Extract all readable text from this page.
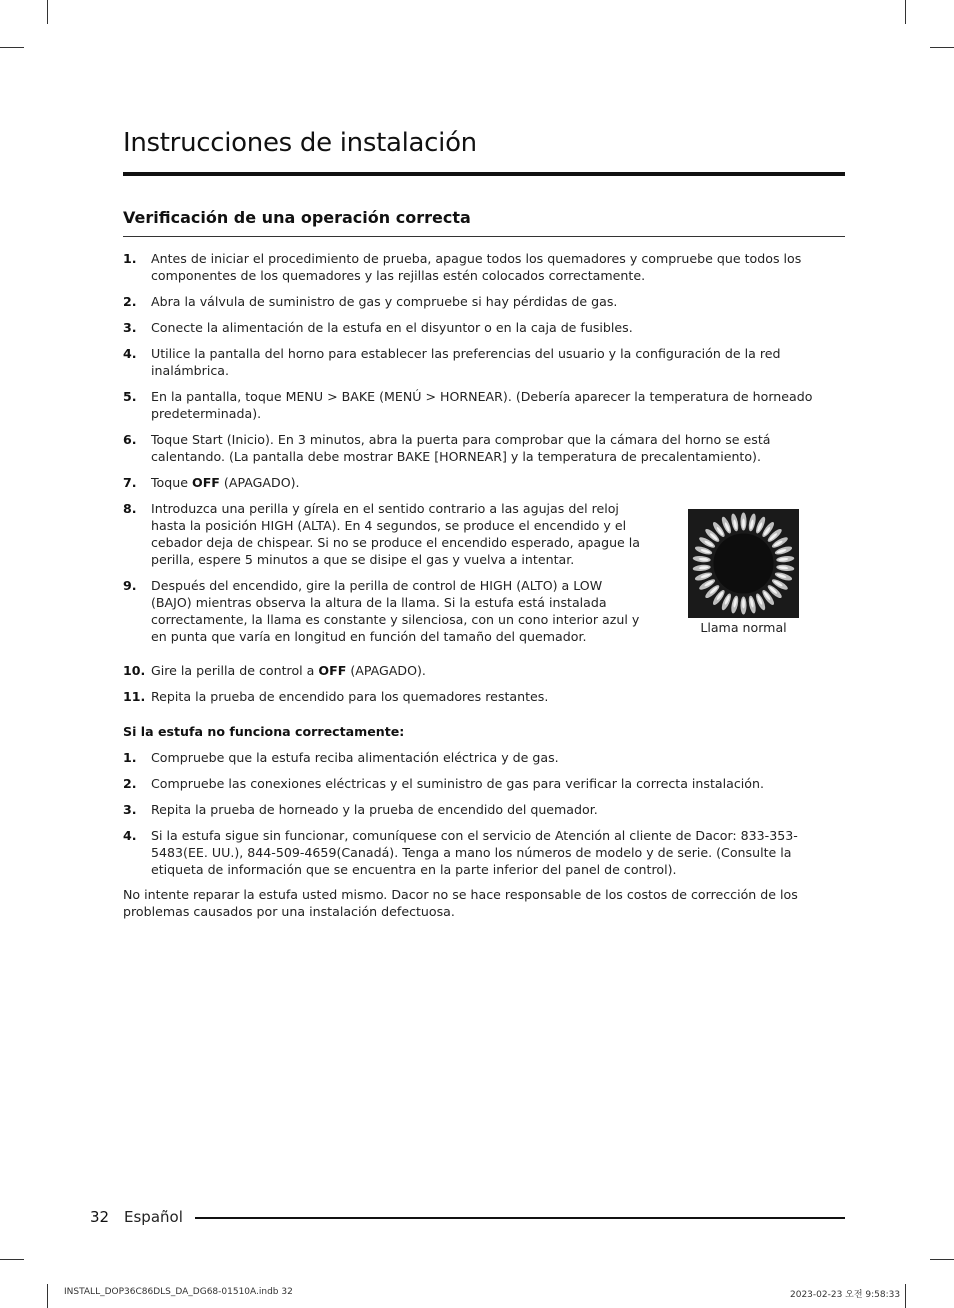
Instrucciones de instalación
Verificación de una operación correcta
1. Antes de iniciar el procedimiento de prueba, apague todos los quemadores y compruebe que todos los componentes de los quemadores y las rejillas estén colocados correctamente.
2. Abra la válvula de suministro de gas y compruebe si hay pérdidas de gas.
3. Conecte la alimentación de la estufa en el disyuntor o en la caja de fusibles.
4. Utilice la pantalla del horno para establecer las preferencias del usuario y la configuración de la red inalámbrica.
5. En la pantalla, toque MENU > BAKE (MENÚ > HORNEAR). (Debería aparecer la temperatura de horneado predeterminada).
6. Toque Start (Inicio). En 3 minutos, abra la puerta para comprobar que la cámara del horno se está calentando. (La pantalla debe mostrar BAKE [HORNEAR] y la temperatura de precalentamiento).
7. Toque OFF (APAGADO).
8. Introduzca una perilla y gírela en el sentido contrario a las agujas del reloj hasta la posición HIGH (ALTA). En 4 segundos, se produce el encendido y el cebador deja de chispear. Si no se produce el encendido esperado, apague la perilla, espere 5 minutos a que se disipe el gas y vuelva a intentar.
9. Después del encendido, gire la perilla de control de HIGH (ALTO) a LOW (BAJO) mientras observa la altura de la llama. Si la estufa está instalada correctamente, la llama es constante y silenciosa, con un cono interior azul y en punta que varía en longitud en función del tamaño del quemador.
Llama normal
10. Gire la perilla de control a OFF (APAGADO).
11. Repita la prueba de encendido para los quemadores restantes.

Si la estufa no funciona correctamente:

1. Compruebe que la estufa reciba alimentación eléctrica y de gas.
2. Compruebe las conexiones eléctricas y el suministro de gas para verificar la correcta instalación.
3. Repita la prueba de horneado y la prueba de encendido del quemador.
4. Si la estufa sigue sin funcionar, comuníquese con el servicio de Atención al cliente de Dacor: 833-353-5483(EE. UU.), 844-509-4659(Canadá). Tenga a mano los números de modelo y de serie. (Consulte la etiqueta de información que se encuentra en la parte inferior del panel de control).

No intente reparar la estufa usted mismo. Dacor no se hace responsable de los costos de corrección de los problemas causados por una instalación defectuosa.

32 Español
INSTALL_DOP36C86DLS_DA_DG68-01510A.indb 32	2023-02-23 오전 9:58:33
